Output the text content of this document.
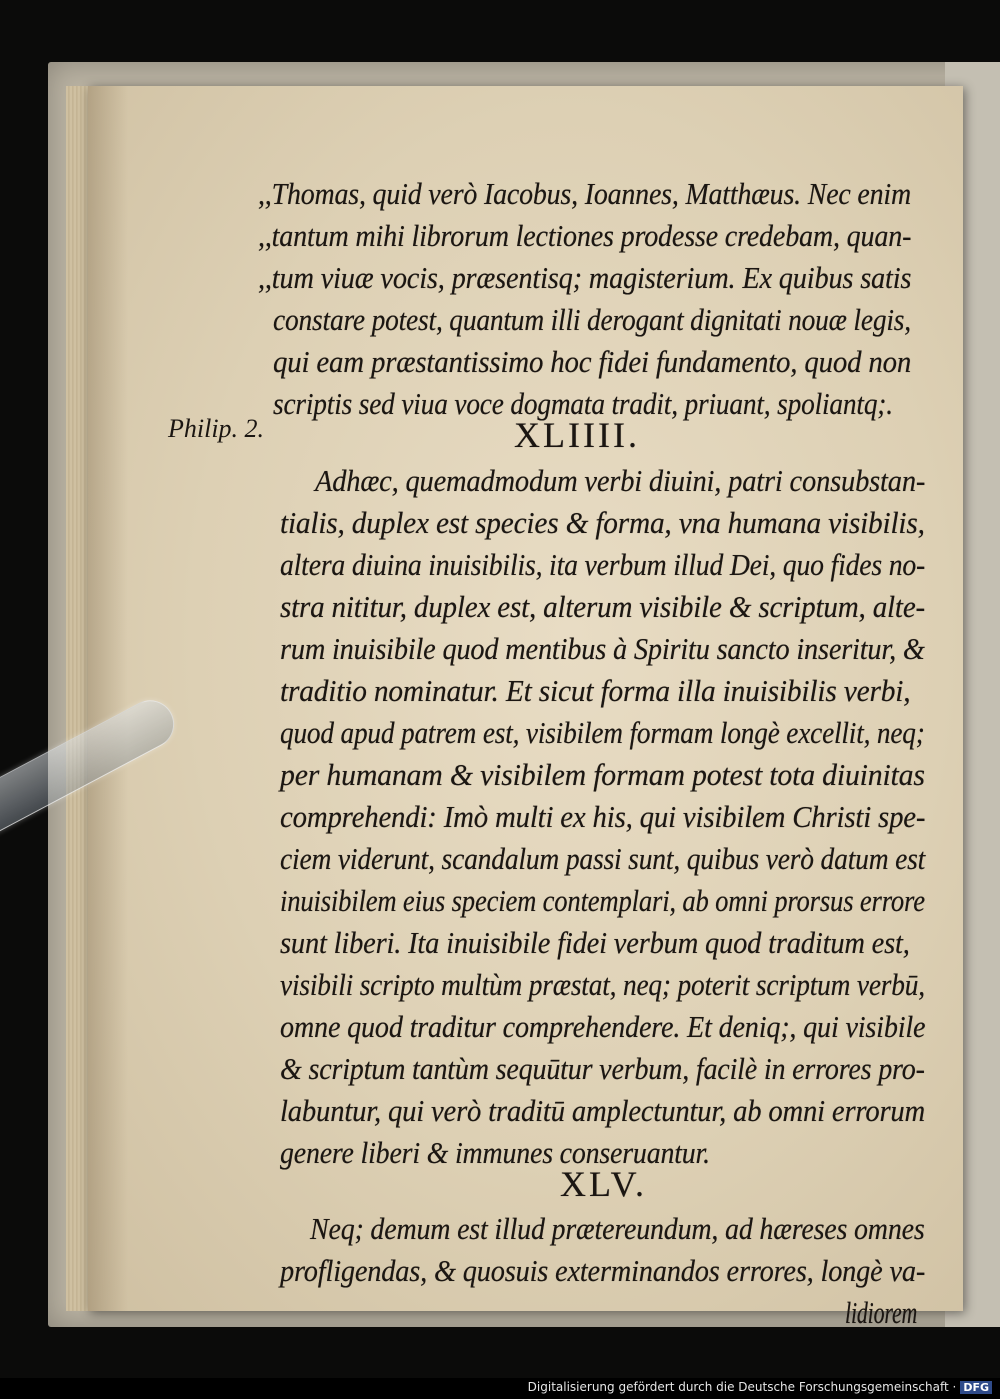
,,Thomas, quid verò Iacobus, Ioannes, Matthæus. Nec enim
,,tantum mihi librorum lectiones prodesse credebam, quan-
,,tum viuæ vocis, præsentisq; magisterium. Ex quibus satis
constare potest, quantum illi derogant dignitati nouæ legis,
qui eam præstantissimo hoc fidei fundamento, quod non
scriptis sed viua voce dogmata tradit, priuant, spoliantq;.
XLIIII.
Philip. 2.
Adhæc, quemadmodum verbi diuini, patri consubstan-
tialis, duplex est species & forma, vna humana visibilis,
altera diuina inuisibilis, ita verbum illud Dei, quo fides no-
stra nititur, duplex est, alterum visibile & scriptum, alte-
rum inuisibile quod mentibus à Spiritu sancto inseritur, &
traditio nominatur. Et sicut forma illa inuisibilis verbi,
quod apud patrem est, visibilem formam longè excellit, neq;
per humanam & visibilem formam potest tota diuinitas
comprehendi: Imò multi ex his, qui visibilem Christi spe-
ciem viderunt, scandalum passi sunt, quibus verò datum est
inuisibilem eius speciem contemplari, ab omni prorsus errore
sunt liberi. Ita inuisibile fidei verbum quod traditum est,
visibili scripto multùm præstat, neq; poterit scriptum verbū,
omne quod traditur comprehendere. Et deniq;, qui visibile
& scriptum tantùm sequūtur verbum, facilè in errores pro-
labuntur, qui verò traditū amplectuntur, ab omni errorum
genere liberi & immunes conseruantur.
XLV.
Neq; demum est illud prætereundum, ad hæreses omnes
profligendas, & quosuis exterminandos errores, longè va-
lidiorem
Digitalisierung gefördert durch die Deutsche Forschungsgemeinschaft · DFG
